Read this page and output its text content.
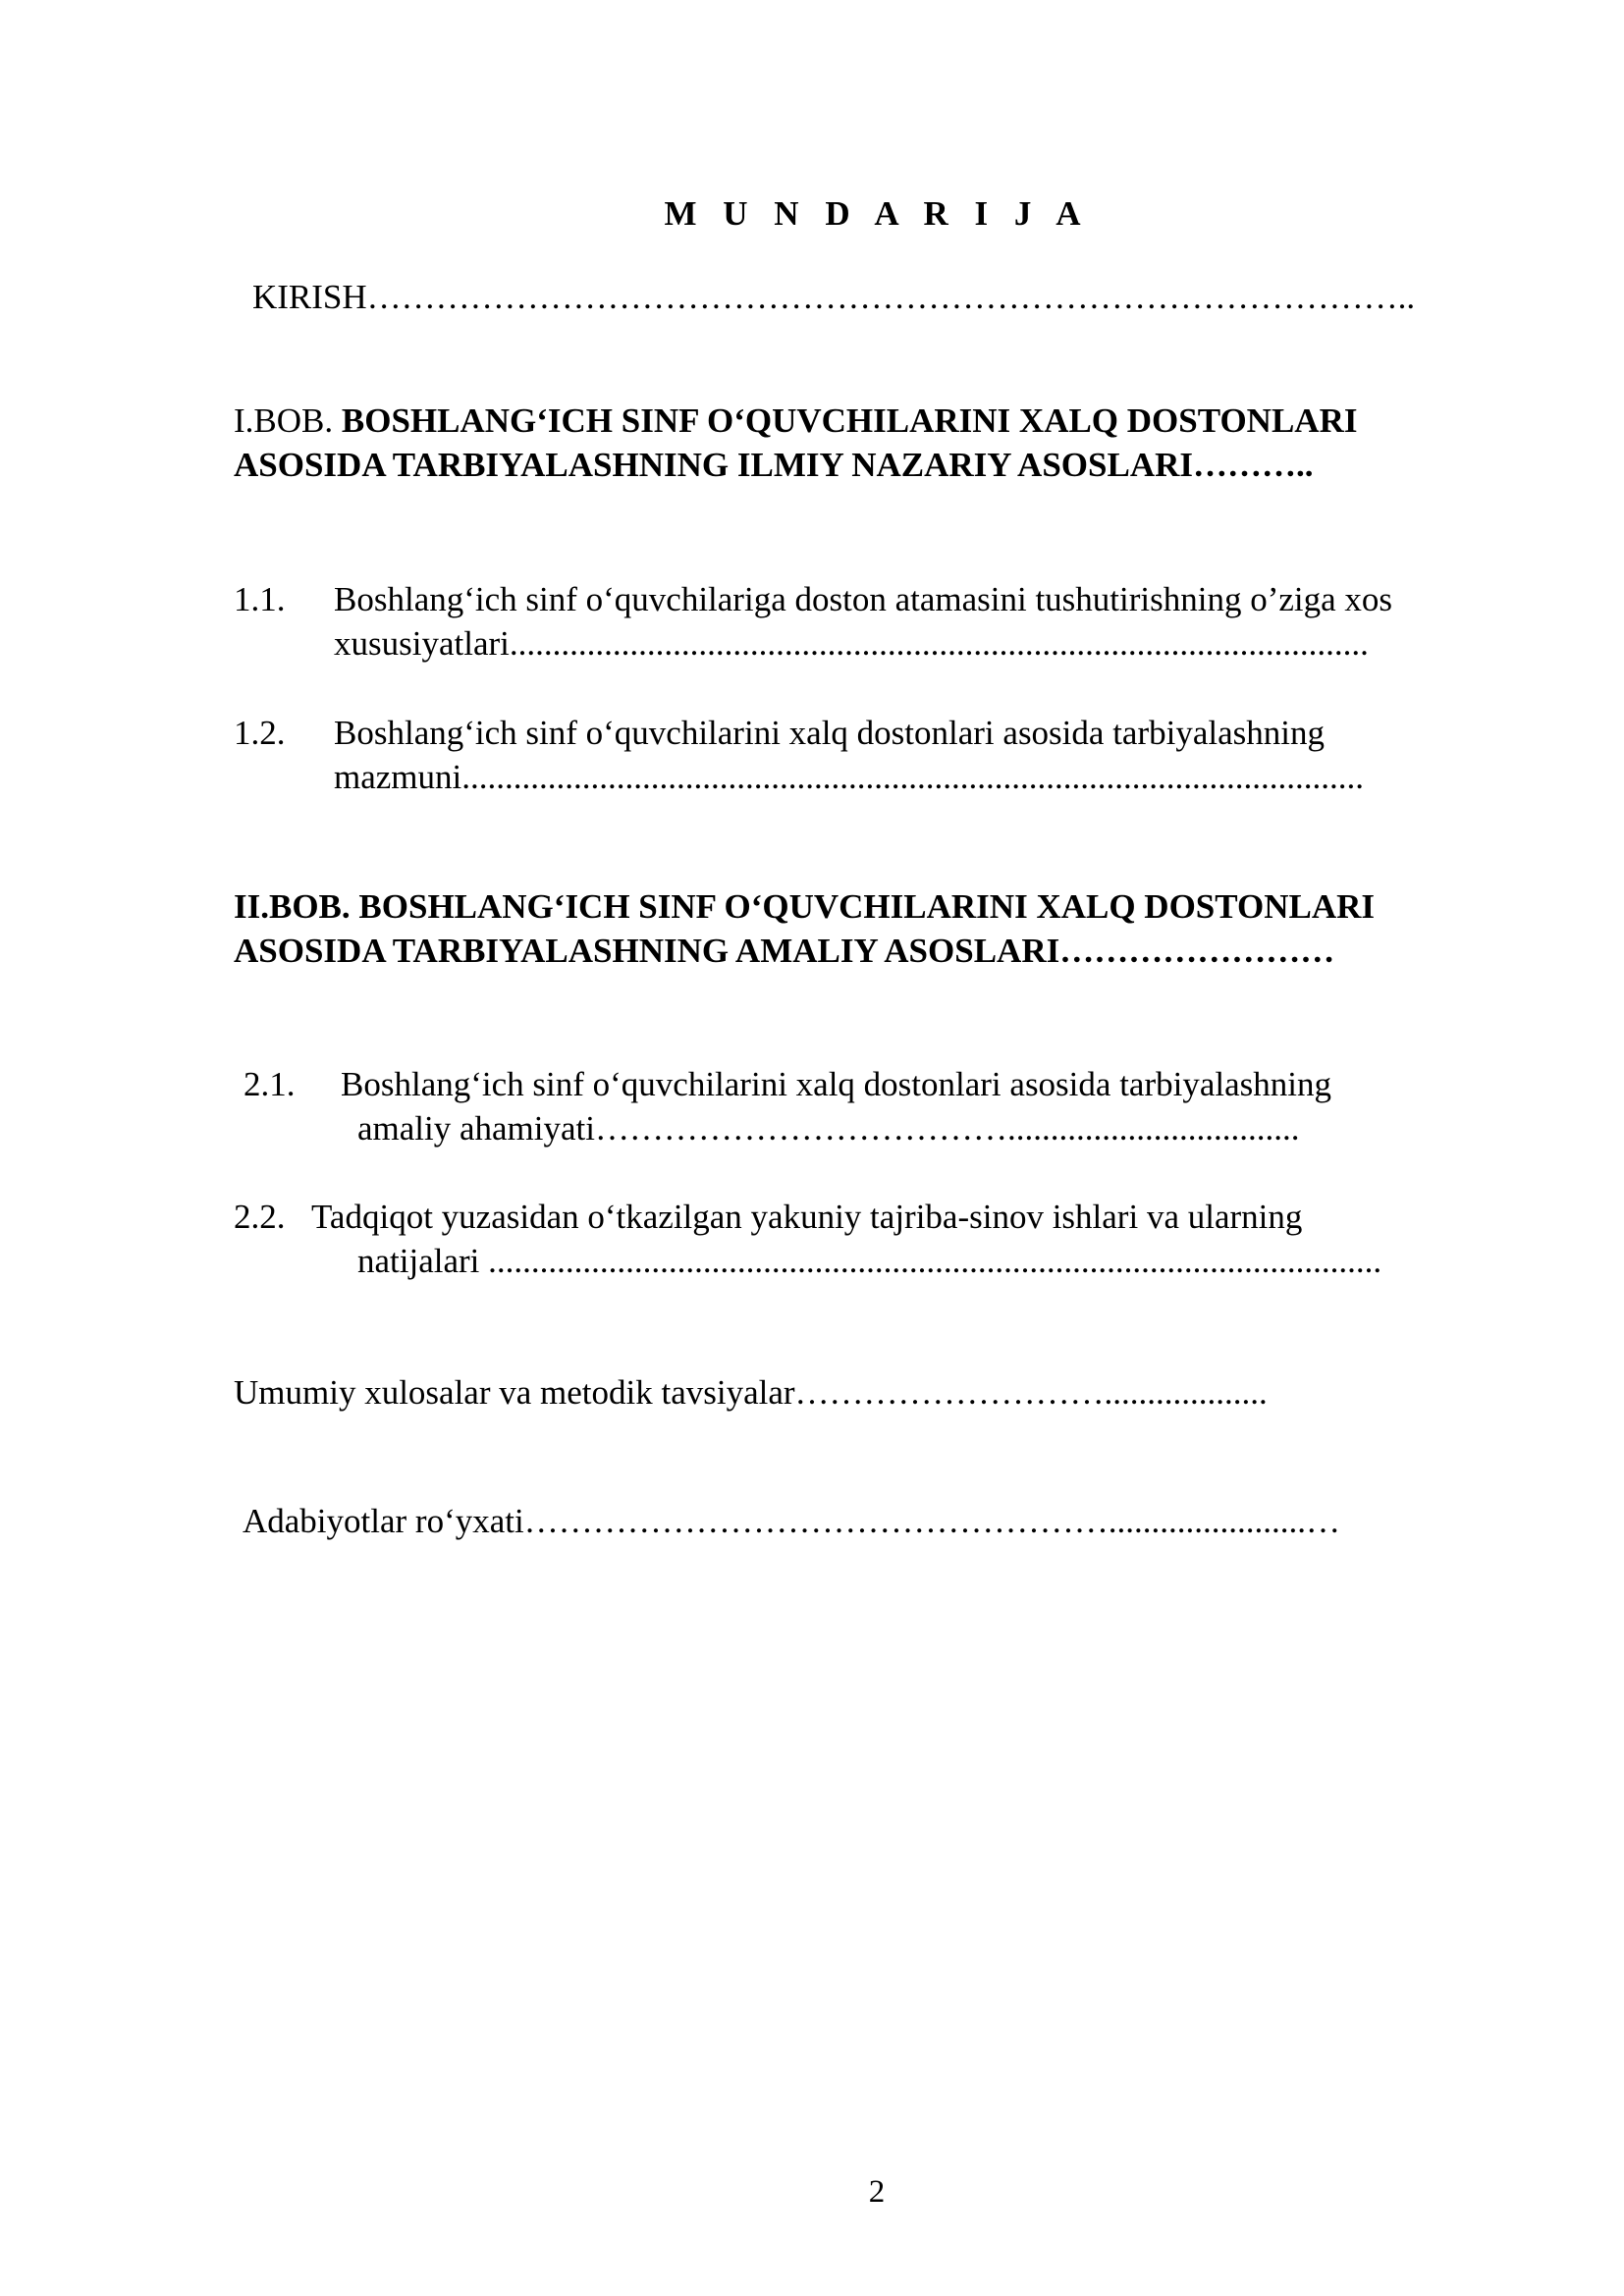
M U N D A R I J A
KIRISH………………………………………………………………………………..
I.BOB. BOSHLANG‘ICH SINF O‘QUVCHILARINI XALQ DOSTONLARI
ASOSIDA TARBIYALASHNING ILMIY NAZARIY ASOSLARI………..
1.1. Boshlang‘ich sinf o‘quvchilariga doston atamasini tushutirishning o’ziga xos
xususiyatlari....................................................................................................
1.2. Boshlang‘ich sinf o‘quvchilarini xalq dostonlari asosida tarbiyalashning
mazmuni.........................................................................................................
II.BOB. BOSHLANG‘ICH SINF O‘QUVCHILARINI XALQ DOSTONLARI
ASOSIDA TARBIYALASHNING AMALIY ASOSLARI……………………
2.1. Boshlang‘ich sinf o‘quvchilarini xalq dostonlari asosida tarbiyalashning
amaliy ahamiyati………………………………..................................
2.2. Tadqiqot yuzasidan o‘tkazilgan yakuniy tajriba-sinov ishlari va ularning
natijalari ........................................................................................................
Umumiy xulosalar va metodik tavsiyalar………………………...................
Adabiyotlar ro‘yxati…………………………………………….......................…
2
